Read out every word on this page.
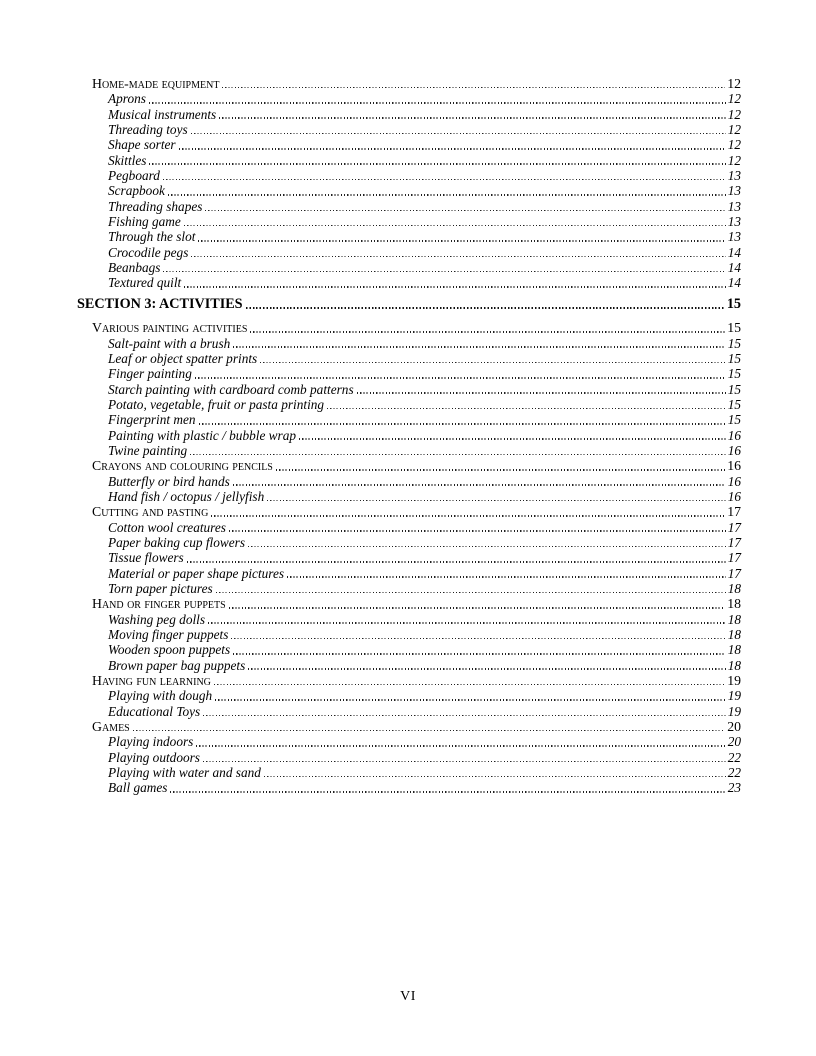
Home-made equipment	12
Aprons	12
Musical instruments	12
Threading toys	12
Shape sorter	12
Skittles	12
Pegboard	13
Scrapbook	13
Threading shapes	13
Fishing game	13
Through the slot	13
Crocodile pegs	14
Beanbags	14
Textured quilt	14
SECTION 3: ACTIVITIES	15
Various painting activities	15
Salt-paint with a brush	15
Leaf or object spatter prints	15
Finger painting	15
Starch painting with cardboard comb patterns	15
Potato, vegetable, fruit or pasta printing	15
Fingerprint men	15
Painting with plastic / bubble wrap	16
Twine painting	16
Crayons and colouring pencils	16
Butterfly or bird hands	16
Hand fish / octopus / jellyfish	16
Cutting and pasting	17
Cotton wool creatures	17
Paper baking cup flowers	17
Tissue flowers	17
Material or paper shape pictures	17
Torn paper pictures	18
Hand or finger puppets	18
Washing peg dolls	18
Moving finger puppets	18
Wooden spoon puppets	18
Brown paper bag puppets	18
Having fun learning	19
Playing with dough	19
Educational Toys	19
Games	20
Playing indoors	20
Playing outdoors	22
Playing with water and sand	22
Ball games	23
VI
